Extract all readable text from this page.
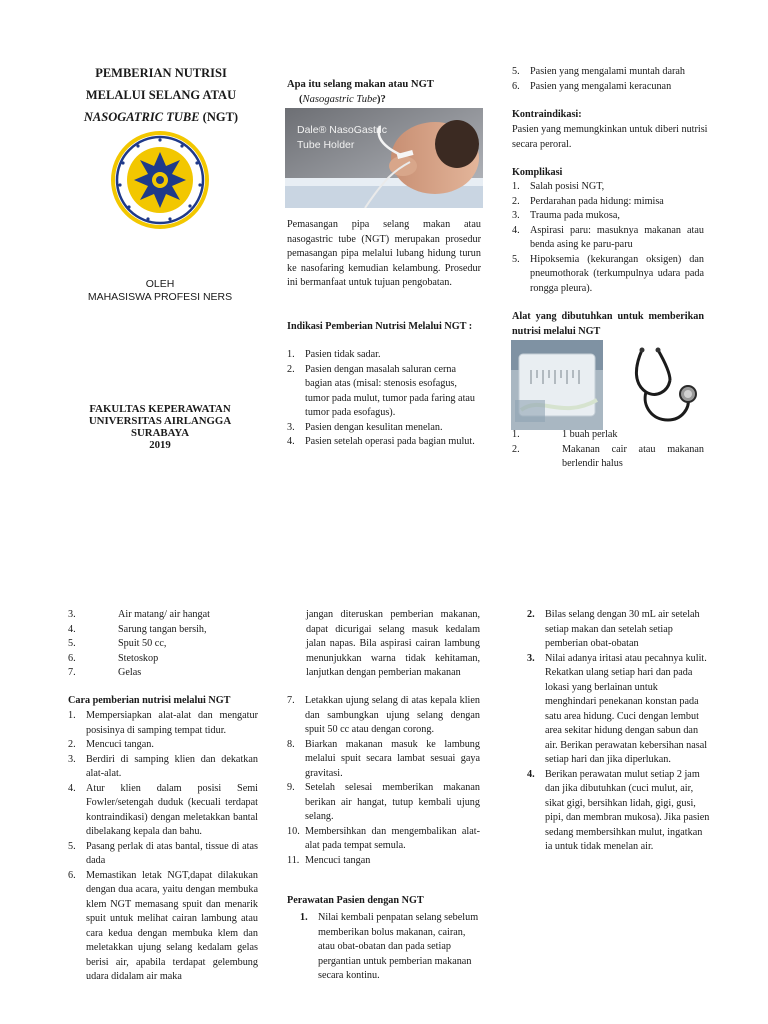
PEMBERIAN NUTRISI
MELALUI SELANG ATAU
NASOGATRIC TUBE (NGT)
OLEH
MAHASISWA PROFESI NERS
FAKULTAS KEPERAWATAN
UNIVERSITAS AIRLANGGA
SURABAYA
2019
Apa itu selang makan atau NGT
(Nasogastric Tube)?
Dale® NasoGastric
Tube Holder
Pemasangan pipa selang makan atau nasogastric tube (NGT) merupakan prosedur pemasangan pipa melalui lubang hidung turun ke nasofaring kemudian kelambung. Prosedur ini bermanfaat untuk tujuan pengobatan.
Indikasi Pemberian Nutrisi Melalui NGT :
1. Pasien tidak sadar.
2. Pasien dengan masalah saluran cerna bagian atas (misal: stenosis esofagus, tumor pada mulut, tumor pada faring atau tumor pada esofagus).
3. Pasien dengan kesulitan menelan.
4. Pasien setelah operasi pada bagian mulut.
5. Pasien yang mengalami muntah darah
6. Pasien yang mengalami keracunan
Kontraindikasi:
Pasien yang memungkinkan untuk diberi nutrisi secara peroral.
Komplikasi
1. Salah posisi NGT,
2. Perdarahan pada hidung: mimisa
3. Trauma pada mukosa,
4. Aspirasi paru: masuknya makanan atau benda asing ke paru-paru
5. Hipoksemia (kekurangan oksigen) dan pneumothorak (terkumpulnya udara pada rongga pleura).
Alat yang dibutuhkan untuk memberikan nutrisi melalui NGT
1.	1 buah perlak
2.	Makanan cair atau makanan berlendir halus
3.	Air matang/ air hangat
4.	Sarung tangan bersih,
5.	Spuit 50 cc,
6.	Stetoskop
7.	Gelas
Cara pemberian nutrisi melalui NGT
1. Mempersiapkan alat-alat dan mengatur posisinya di samping tempat tidur.
2. Mencuci tangan.
3. Berdiri di samping klien dan dekatkan alat-alat.
4. Atur klien dalam posisi Semi Fowler/setengah duduk (kecuali terdapat kontraindikasi) dengan meletakkan bantal dibelakang kepala dan bahu.
5. Pasang perlak di atas bantal, tissue di atas dada
6. Memastikan letak NGT,dapat dilakukan dengan dua acara, yaitu dengan membuka klem NGT memasang spuit dan menarik spuit untuk melihat cairan lambung atau cara kedua dengan membuka klem dan meletakkan ujung selang kedalam gelas berisi air, apabila terdapat gelembung udara didalam air maka
jangan diteruskan pemberian makanan, dapat dicurigai selang masuk kedalam jalan napas. Bila aspirasi cairan lambung menunjukkan warna tidak kehitaman, lanjutkan dengan pemberian makanan
7. Letakkan ujung selang di atas kepala klien dan sambungkan ujung selang dengan spuit 50 cc atau dengan corong.
8. Biarkan makanan masuk ke lambung melalui spuit secara lambat sesuai gaya gravitasi.
9. Setelah selesai memberikan makanan berikan air hangat, tutup kembali ujung selang.
10. Membersihkan dan mengembalikan alat-alat pada tempat semula.
11. Mencuci tangan
Perawatan Pasien dengan NGT
1. Nilai kembali penpatan selang sebelum memberikan bolus makanan, cairan, atau obat-obatan dan pada setiap pergantian untuk pemberian makanan secara kontinu.
2. Bilas selang dengan 30 mL air setelah setiap makan dan setelah setiap pemberian obat-obatan
3. Nilai adanya iritasi atau pecahnya kulit. Rekatkan ulang setiap hari dan pada lokasi yang berlainan untuk menghindari penekanan konstan pada satu area hidung. Cuci dengan lembut area sekitar hidung dengan sabun dan air. Berikan perawatan kebersihan nasal setiap hari dan jika diperlukan.
4. Berikan perawatan mulut setiap 2 jam dan jika dibutuhkan (cuci mulut, air, sikat gigi, bersihkan lidah, gigi, gusi, pipi, dan membran mukosa). Jika pasien sedang membersihkan mulut, ingatkan ia untuk tidak menelan air.
